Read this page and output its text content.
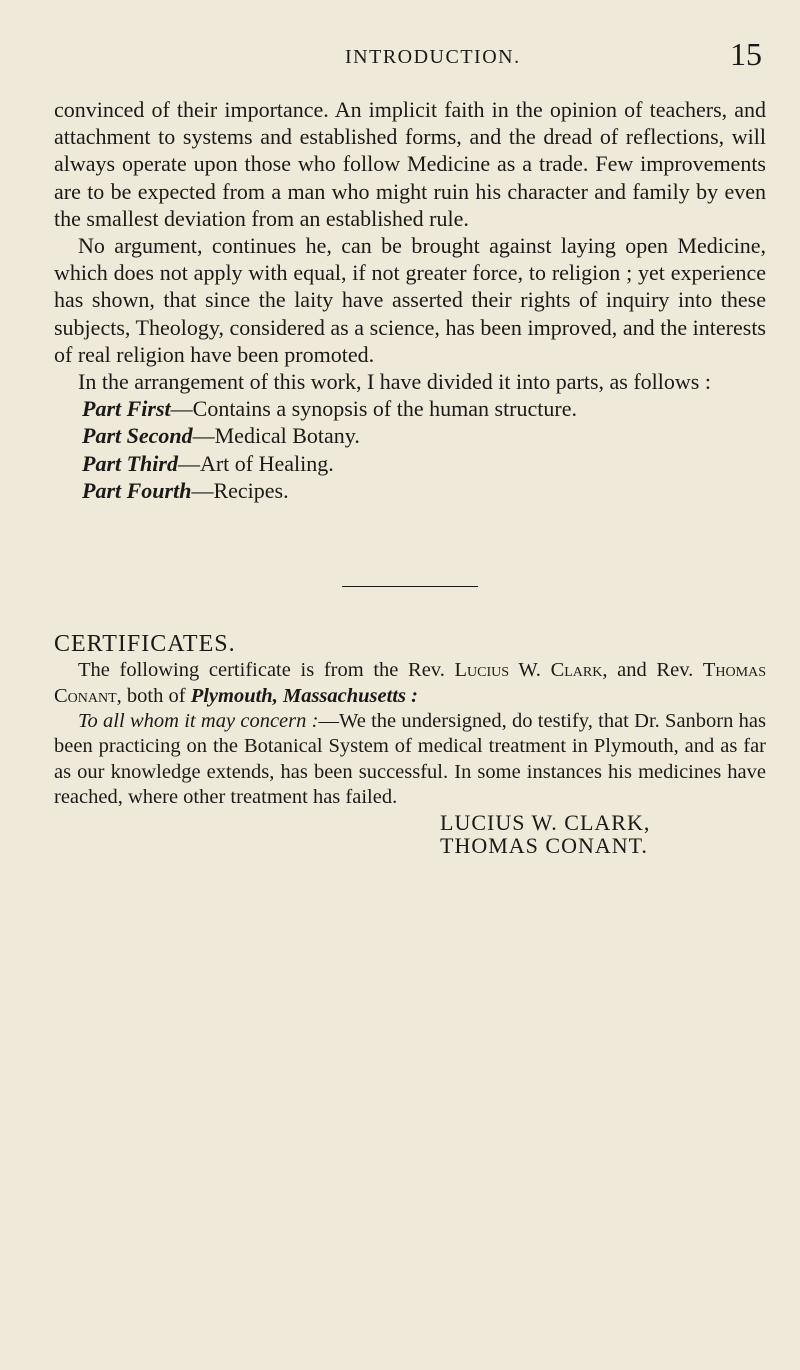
INTRODUCTION.	15

convinced of their importance. An implicit faith in the opinion of teachers, and attachment to systems and established forms, and the dread of reflections, will always operate upon those who follow Medicine as a trade. Few improvements are to be expected from a man who might ruin his character and family by even the smallest deviation from an established rule.

No argument, continues he, can be brought against laying open Medicine, which does not apply with equal, if not greater force, to religion ; yet experience has shown, that since the laity have asserted their rights of inquiry into these subjects, Theology, considered as a science, has been improved, and the interests of real religion have been promoted.

In the arrangement of this work, I have divided it into parts, as follows :

Part First—Contains a synopsis of the human structure.

Part Second—Medical Botany.

Part Third—Art of Healing.

Part Fourth—Recipes.

CERTIFICATES.

The following certificate is from the Rev. Lucius W. Clark, and Rev. Thomas Conant, both of Plymouth, Massachusetts :

To all whom it may concern :—We the undersigned, do testify, that Dr. Sanborn has been practicing on the Botanical System of medical treatment in Plymouth, and as far as our knowledge extends, has been successful. In some instances his medicines have reached, where other treatment has failed.

LUCIUS W. CLARK,

THOMAS CONANT.
